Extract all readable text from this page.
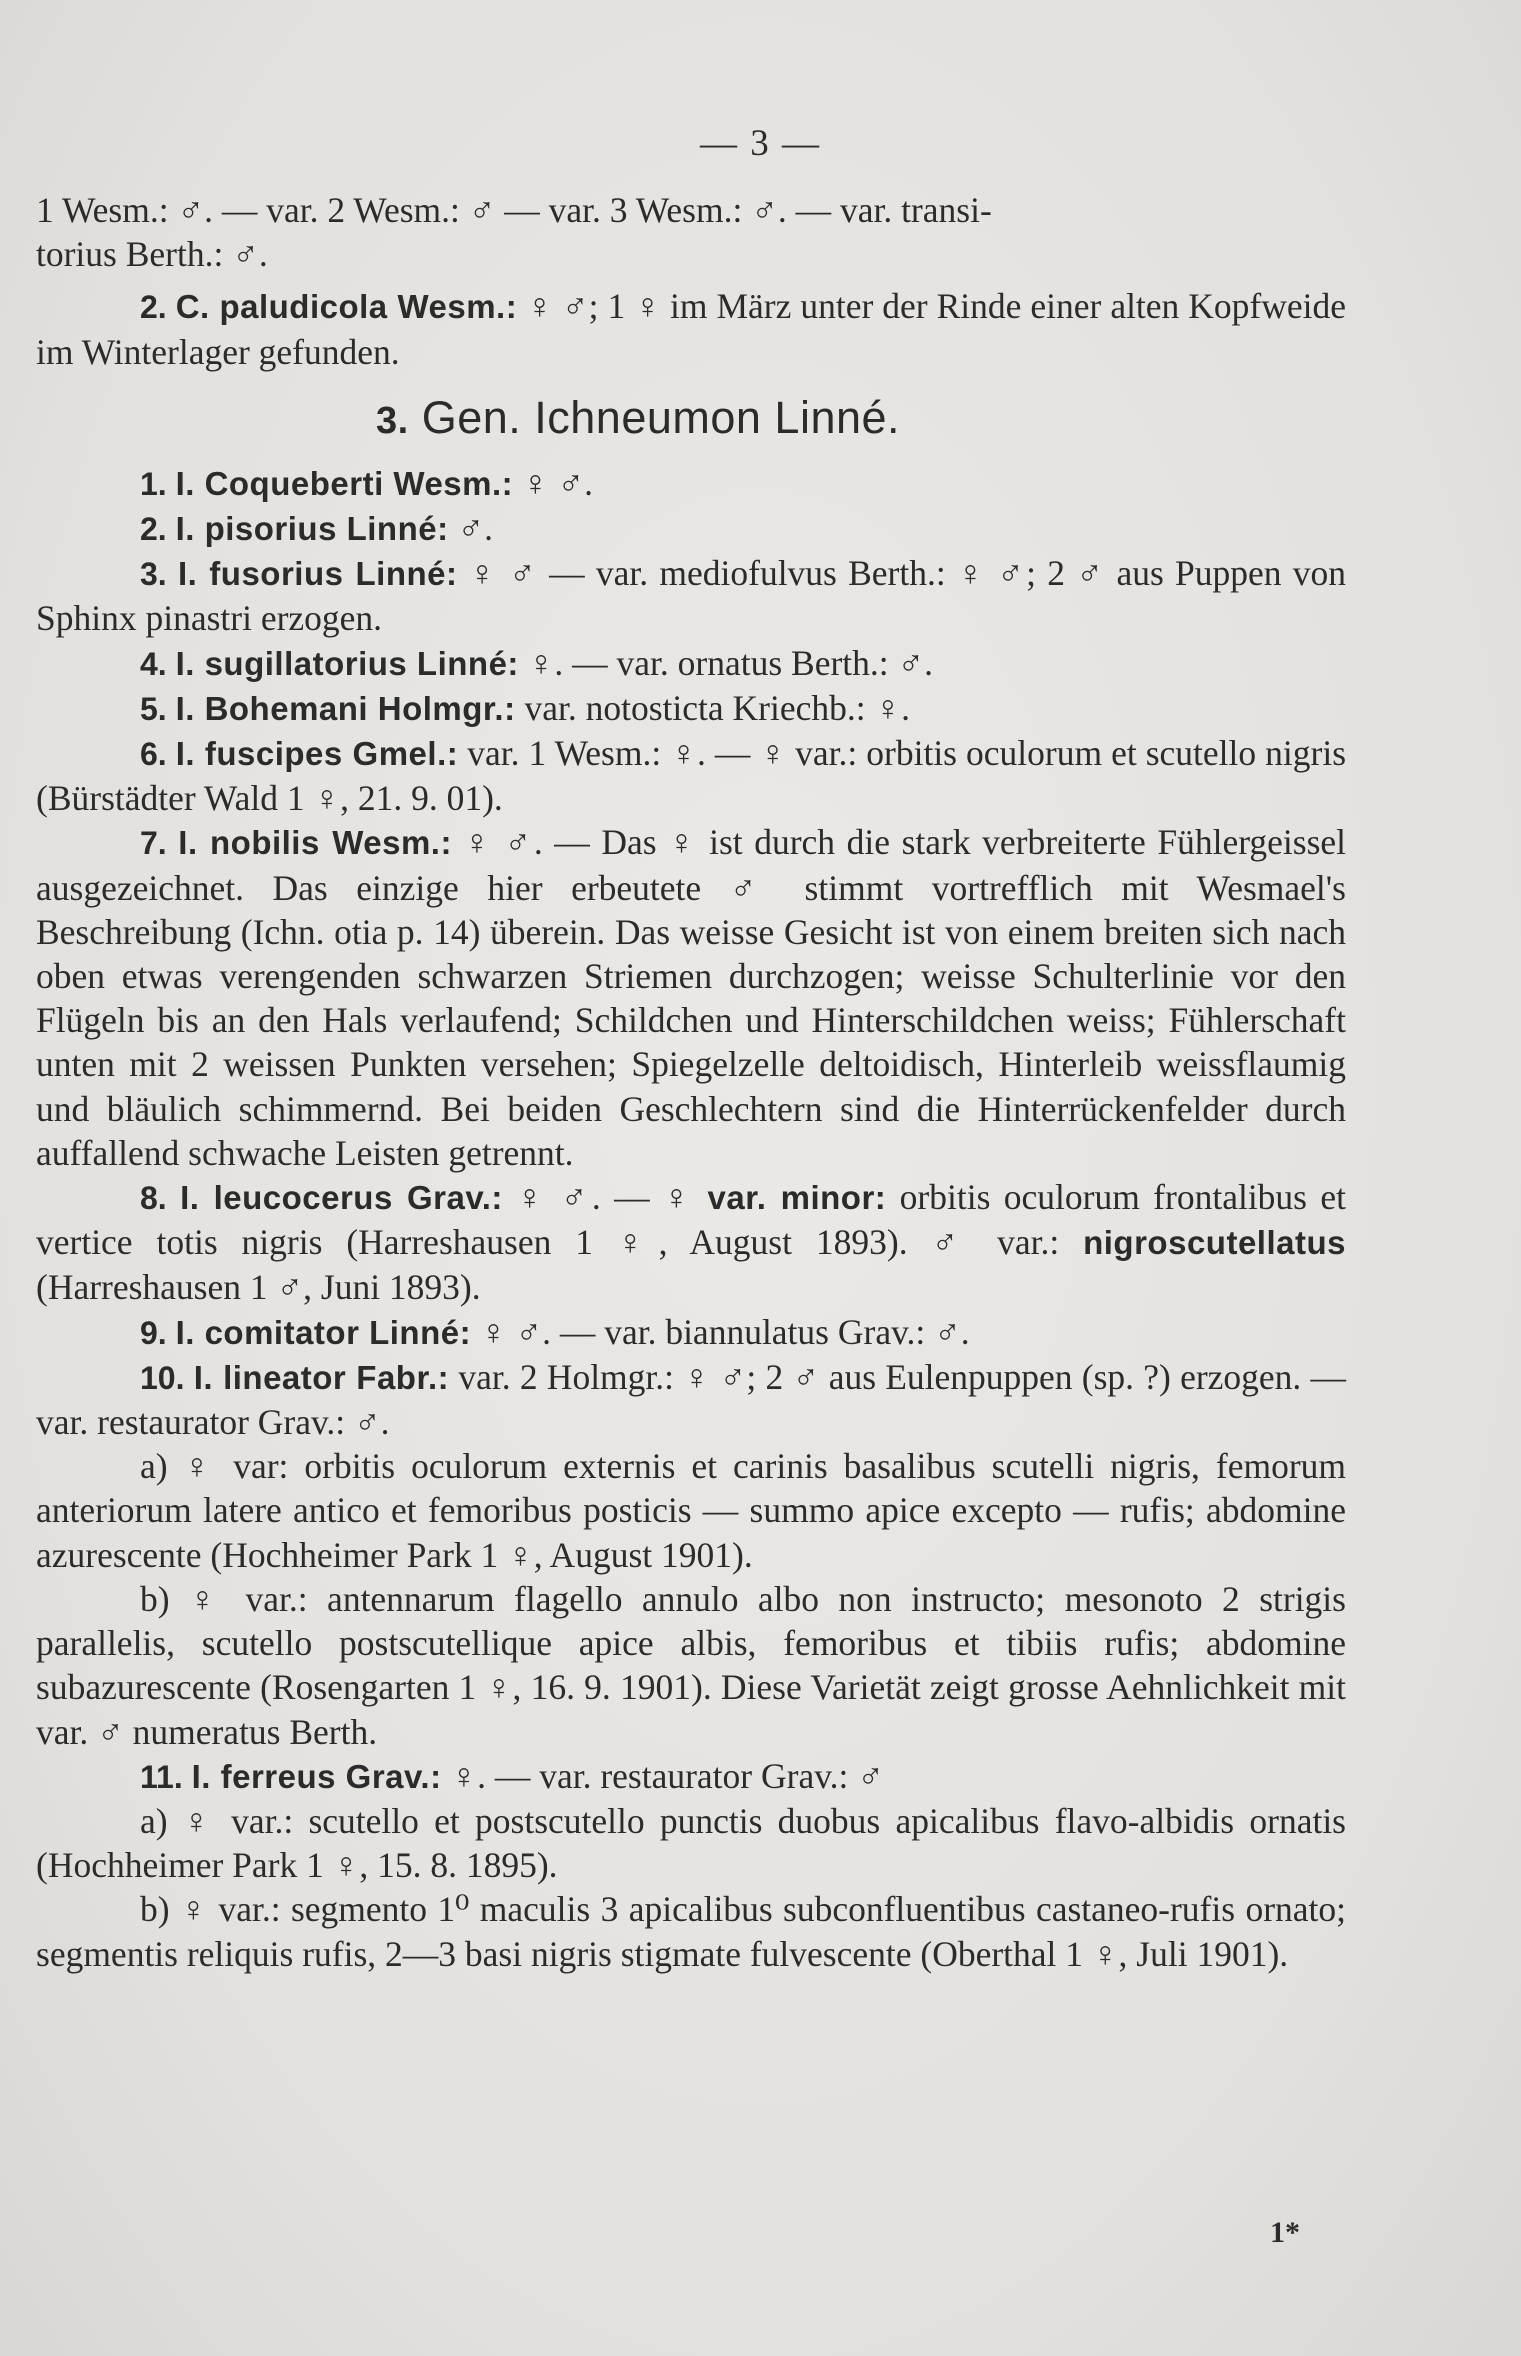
— 3 —

1 Wesm.: ♂. — var. 2 Wesm.: ♂ — var. 3 Wesm.: ♂. — var. transi-

torius Berth.: ♂.

2. C. paludicola Wesm.: ♀ ♂; 1 ♀ im März unter der Rinde einer alten Kopfweide im Winterlager gefunden.

3. Gen. Ichneumon Linné.

1. I. Coqueberti Wesm.: ♀ ♂.

2. I. pisorius Linné: ♂.

3. I. fusorius Linné: ♀ ♂ — var. mediofulvus Berth.: ♀ ♂; 2 ♂ aus Puppen von Sphinx pinastri erzogen.

4. I. sugillatorius Linné: ♀. — var. ornatus Berth.: ♂.

5. I. Bohemani Holmgr.: var. notosticta Kriechb.: ♀.

6. I. fuscipes Gmel.: var. 1 Wesm.: ♀. — ♀ var.: orbitis oculorum et scutello nigris (Bürstädter Wald 1 ♀, 21. 9. 01).

7. I. nobilis Wesm.: ♀ ♂. — Das ♀ ist durch die stark verbreiterte Fühlergeissel ausgezeichnet. Das einzige hier erbeutete ♂ stimmt vortrefflich mit Wesmael's Beschreibung (Ichn. otia p. 14) überein. Das weisse Gesicht ist von einem breiten sich nach oben etwas verengenden schwarzen Striemen durchzogen; weisse Schulterlinie vor den Flügeln bis an den Hals verlaufend; Schildchen und Hinterschildchen weiss; Fühlerschaft unten mit 2 weissen Punkten versehen; Spiegelzelle deltoidisch, Hinterleib weissflaumig und bläulich schimmernd. Bei beiden Geschlechtern sind die Hinterrückenfelder durch auffallend schwache Leisten getrennt.

8. I. leucocerus Grav.: ♀ ♂. — ♀ var. minor: orbitis oculorum frontalibus et vertice totis nigris (Harreshausen 1 ♀, August 1893). ♂ var.: nigroscutellatus (Harreshausen 1 ♂, Juni 1893).

9. I. comitator Linné: ♀ ♂. — var. biannulatus Grav.: ♂.

10. I. lineator Fabr.: var. 2 Holmgr.: ♀ ♂; 2 ♂ aus Eulenpuppen (sp. ?) erzogen. — var. restaurator Grav.: ♂.

a) ♀ var: orbitis oculorum externis et carinis basalibus scutelli nigris, femorum anteriorum latere antico et femoribus posticis — summo apice excepto — rufis; abdomine azurescente (Hochheimer Park 1 ♀, August 1901).

b) ♀ var.: antennarum flagello annulo albo non instructo; mesonoto 2 strigis parallelis, scutello postscutellique apice albis, femoribus et tibiis rufis; abdomine subazurescente (Rosengarten 1 ♀, 16. 9. 1901). Diese Varietät zeigt grosse Aehnlichkeit mit var. ♂ numeratus Berth.

11. I. ferreus Grav.: ♀. — var. restaurator Grav.: ♂

a) ♀ var.: scutello et postscutello punctis duobus apicalibus flavo-albidis ornatis (Hochheimer Park 1 ♀, 15. 8. 1895).

b) ♀ var.: segmento 1⁰ maculis 3 apicalibus subconfluentibus castaneo-rufis ornato; segmentis reliquis rufis, 2—3 basi nigris stigmate fulvescente (Oberthal 1 ♀, Juli 1901).

1*
